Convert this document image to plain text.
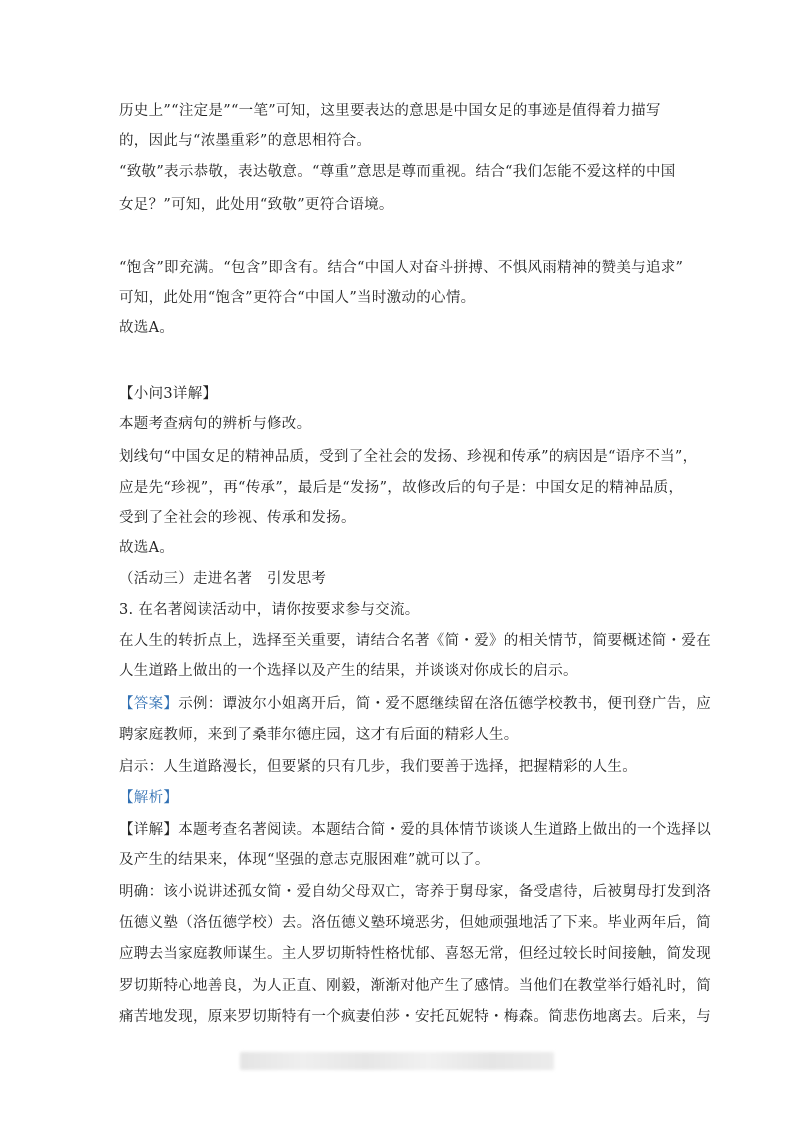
历史上”“注定是”“一笔”可知，这里要表达的意思是中国女足的事迹是值得着力描写
的，因此与“浓墨重彩”的意思相符合。
“致敬”表示恭敬，表达敬意。“尊重”意思是尊而重视。结合“我们怎能不爱这样的中国
女足？”可知，此处用“致敬”更符合语境。
“饱含”即充满。“包含”即含有。结合“中国人对奋斗拼搏、不惧风雨精神的赞美与追求”
可知，此处用“饱含”更符合“中国人”当时激动的心情。
故选A。
【小问3详解】
本题考查病句的辨析与修改。
划线句“中国女足的精神品质，受到了全社会的发扬、珍视和传承”的病因是“语序不当”，
应是先“珍视”，再“传承”，最后是“发扬”，故修改后的句子是：中国女足的精神品质，
受到了全社会的珍视、传承和发扬。
故选A。
（活动三）走进名著　引发思考
3. 在名著阅读活动中，请你按要求参与交流。
在人生的转折点上，选择至关重要，请结合名著《简・爱》的相关情节，简要概述简・爱在
人生道路上做出的一个选择以及产生的结果，并谈谈对你成长的启示。
【答案】示例：谭波尔小姐离开后，简・爱不愿继续留在洛伍德学校教书，便刊登广告，应
聘家庭教师，来到了桑菲尔德庄园，这才有后面的精彩人生。
启示：人生道路漫长，但要紧的只有几步，我们要善于选择，把握精彩的人生。
【解析】
【详解】本题考查名著阅读。本题结合简・爱的具体情节谈谈人生道路上做出的一个选择以
及产生的结果来，体现“坚强的意志克服困难”就可以了。
明确：该小说讲述孤女简・爱自幼父母双亡，寄养于舅母家，备受虐待，后被舅母打发到洛
伍德义塾（洛伍德学校）去。洛伍德义塾环境恶劣，但她顽强地活了下来。毕业两年后，简
应聘去当家庭教师谋生。主人罗切斯特性格忧郁、喜怒无常，但经过较长时间接触，简发现
罗切斯特心地善良，为人正直、刚毅，渐渐对他产生了感情。当他们在教堂举行婚礼时，简
痛苦地发现，原来罗切斯特有一个疯妻伯莎・安托瓦妮特・梅森。简悲伤地离去。后来，与
